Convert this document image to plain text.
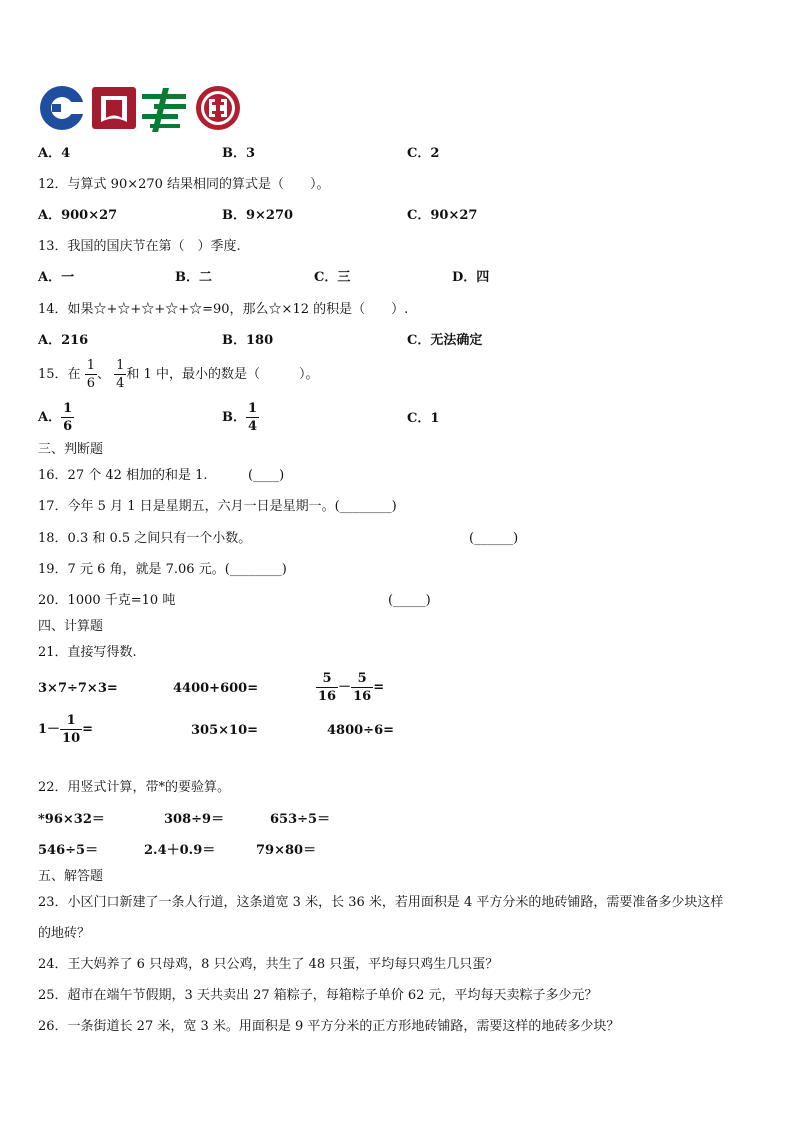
A．4	B．3	C．2
12．与算式 90×270 结果相同的算式是（　　）。
A．900×27	B．9×270	C．90×27
13．我国的国庆节在第（　）季度.
A．一	B．二	C．三	D．四
14．如果☆+☆+☆+☆+☆=90，那么☆×12 的积是（　　）.
A．216	B．180	C．无法确定
15．在 $\frac{1}{6}$ 、 $\frac{1}{4}$ 和 1 中，最小的数是（　　　）。
A． $\frac{1}{6}$	B． $\frac{1}{4}$	C．1
三、判断题
16．27 个 42 相加的和是 1.	(____)
17．今年 5 月 1 日是星期五，六月一日是星期一。(________)
18．0.3 和 0.5 之间只有一个小数。	(______)
19．7 元 6 角，就是 7.06 元。(________)
20．1000 千克=10 吨	(_____)
四、计算题
21．直接写得数.
3×7÷7×3=	4400+600=	$\frac{5}{16} - \frac{5}{16}$ =
$1- \frac{1}{10}$ =	305×10=	4800÷6=
22．用竖式计算，带*的要验算。
*96×32＝	308÷9＝	653÷5＝
546÷5＝	2.4＋0.9＝	79×80＝
五、解答题
23．小区门口新建了一条人行道，这条道宽 3 米，长 36 米，若用面积是 4 平方分米的地砖铺路，需要准备多少块这样
的地砖？
24．王大妈养了 6 只母鸡，8 只公鸡，共生了 48 只蛋，平均每只鸡生几只蛋？
25．超市在端午节假期，3 天共卖出 27 箱粽子，每箱粽子单价 62 元，平均每天卖粽子多少元？
26．一条街道长 27 米，宽 3 米。用面积是 9 平方分米的正方形地砖铺路，需要这样的地砖多少块？
